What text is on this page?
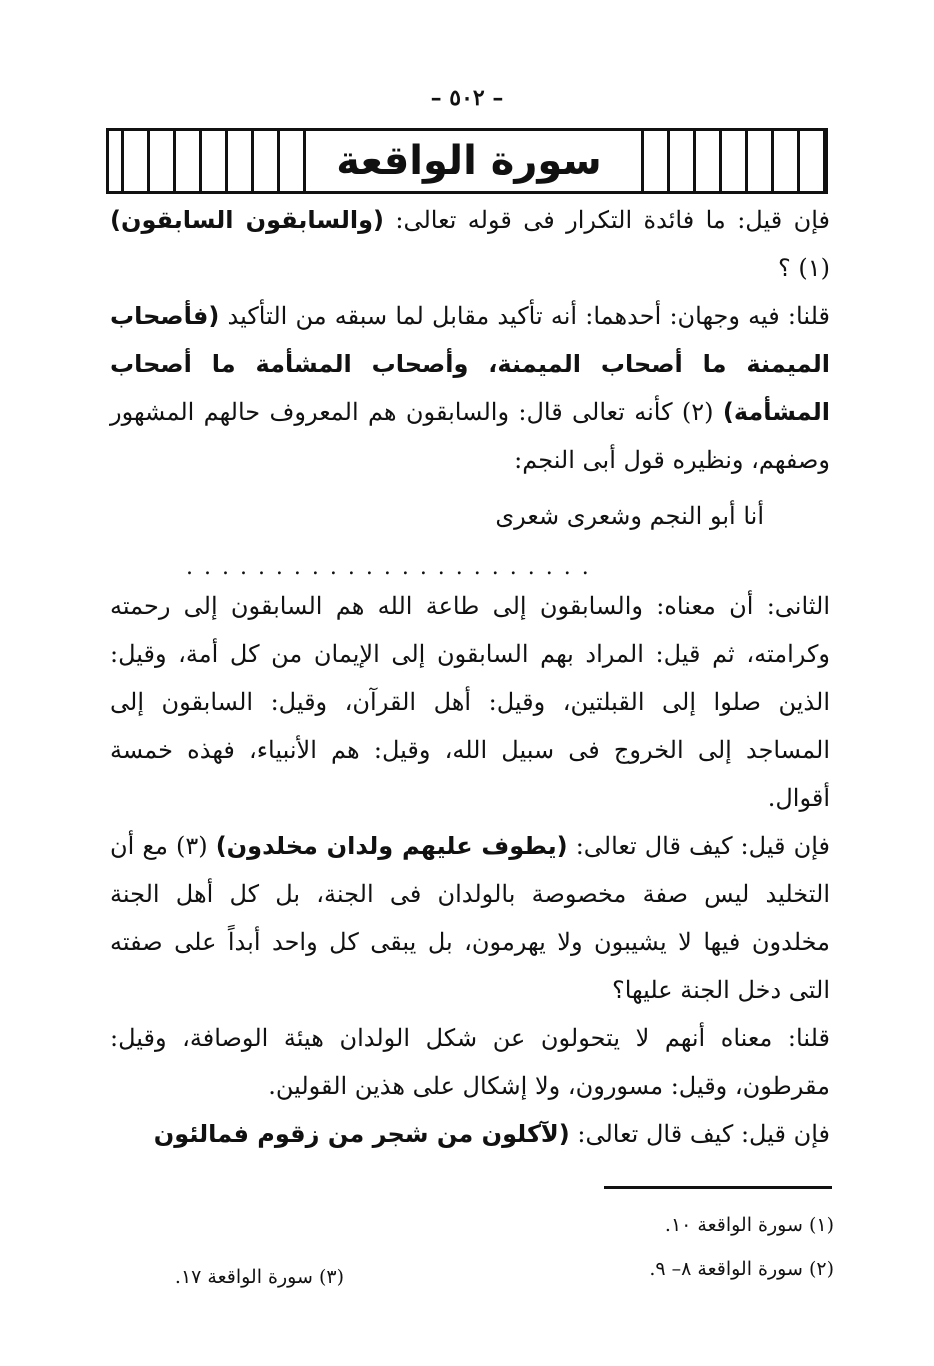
– ٥٠٢ –
سورة الواقعة

فإن قيل: ما فائدة التكرار فى قوله تعالى: (والسابقون السابقون) (١) ؟

قلنا: فيه وجهان: أحدهما: أنه تأكيد مقابل لما سبقه من التأكيد (فأصحاب الميمنة ما أصحاب الميمنة، وأصحاب المشأمة ما أصحاب المشأمة) (٢) كأنه تعالى قال: والسابقون هم المعروف حالهم المشهور وصفهم، ونظيره قول أبى النجم:

أنا أبو النجم وشعرى شعرى
. . . . . . . . . . . . . . . . . . . . . . .

الثانى: أن معناه: والسابقون إلى طاعة الله هم السابقون إلى رحمته وكرامته، ثم قيل: المراد بهم السابقون إلى الإيمان من كل أمة، وقيل: الذين صلوا إلى القبلتين، وقيل: أهل القرآن، وقيل: السابقون إلى المساجد إلى الخروج فى سبيل الله، وقيل: هم الأنبياء، فهذه خمسة أقوال.

فإن قيل: كيف قال تعالى: (يطوف عليهم ولدان مخلدون) (٣) مع أن التخليد ليس صفة مخصوصة بالولدان فى الجنة، بل كل أهل الجنة مخلدون فيها لا يشيبون ولا يهرمون، بل يبقى كل واحد أبداً على صفته التى دخل الجنة عليها؟

قلنا: معناه أنهم لا يتحولون عن شكل الولدان هيئة الوصافة، وقيل: مقرطون، وقيل: مسورون، ولا إشكال على هذين القولين.

فإن قيل: كيف قال تعالى: (لآكلون من شجر من زقوم فمالئون

(١) سورة الواقعة ١٠.
(٢) سورة الواقعة ٨– ٩.
(٣) سورة الواقعة ١٧.
